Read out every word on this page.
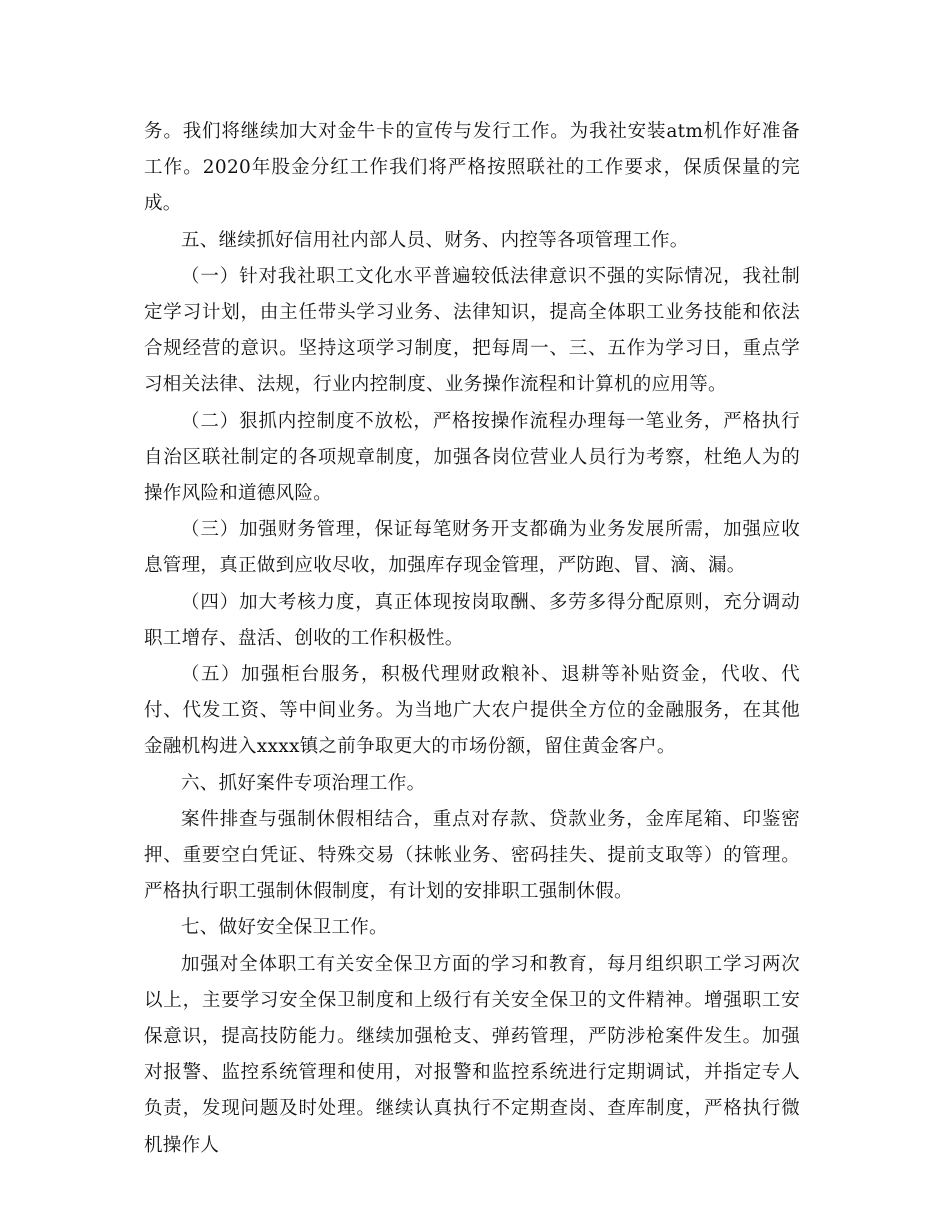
务。我们将继续加大对金牛卡的宣传与发行工作。为我社安装atm机作好准备工作。2020年股金分红工作我们将严格按照联社的工作要求，保质保量的完成。

五、继续抓好信用社内部人员、财务、内控等各项管理工作。

（一）针对我社职工文化水平普遍较低法律意识不强的实际情况，我社制定学习计划，由主任带头学习业务、法律知识，提高全体职工业务技能和依法合规经营的意识。坚持这项学习制度，把每周一、三、五作为学习日，重点学习相关法律、法规，行业内控制度、业务操作流程和计算机的应用等。

（二）狠抓内控制度不放松，严格按操作流程办理每一笔业务，严格执行自治区联社制定的各项规章制度，加强各岗位营业人员行为考察，杜绝人为的操作风险和道德风险。

（三）加强财务管理，保证每笔财务开支都确为业务发展所需，加强应收息管理，真正做到应收尽收，加强库存现金管理，严防跑、冒、滴、漏。

（四）加大考核力度，真正体现按岗取酬、多劳多得分配原则，充分调动职工增存、盘活、创收的工作积极性。

（五）加强柜台服务，积极代理财政粮补、退耕等补贴资金，代收、代付、代发工资、等中间业务。为当地广大农户提供全方位的金融服务，在其他金融机构进入xxxx镇之前争取更大的市场份额，留住黄金客户。

六、抓好案件专项治理工作。

案件排查与强制休假相结合，重点对存款、贷款业务，金库尾箱、印鉴密押、重要空白凭证、特殊交易（抹帐业务、密码挂失、提前支取等）的管理。严格执行职工强制休假制度，有计划的安排职工强制休假。

七、做好安全保卫工作。

加强对全体职工有关安全保卫方面的学习和教育，每月组织职工学习两次以上，主要学习安全保卫制度和上级行有关安全保卫的文件精神。增强职工安保意识，提高技防能力。继续加强枪支、弹药管理，严防涉枪案件发生。加强对报警、监控系统管理和使用，对报警和监控系统进行定期调试，并指定专人负责，发现问题及时处理。继续认真执行不定期查岗、查库制度，严格执行微机操作人
